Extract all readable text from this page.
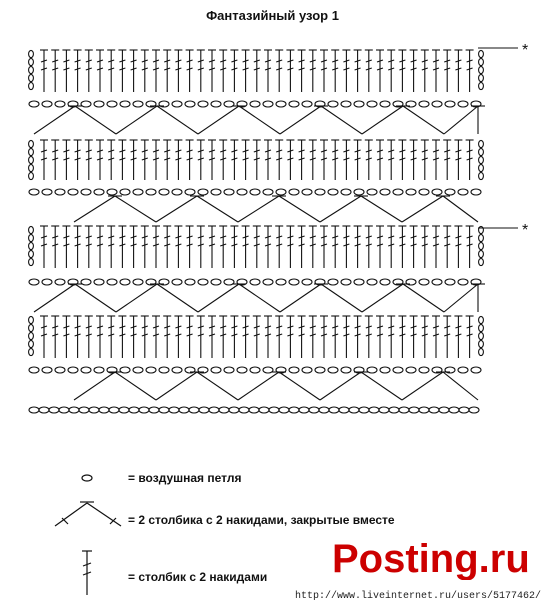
Фантазийный узор 1
*
*
= воздушная петля
= 2 столбика с 2 накидами, закрытые вместе
= столбик с 2 накидами Posting.ru
http://www.liveinternet.ru/users/5177462/
